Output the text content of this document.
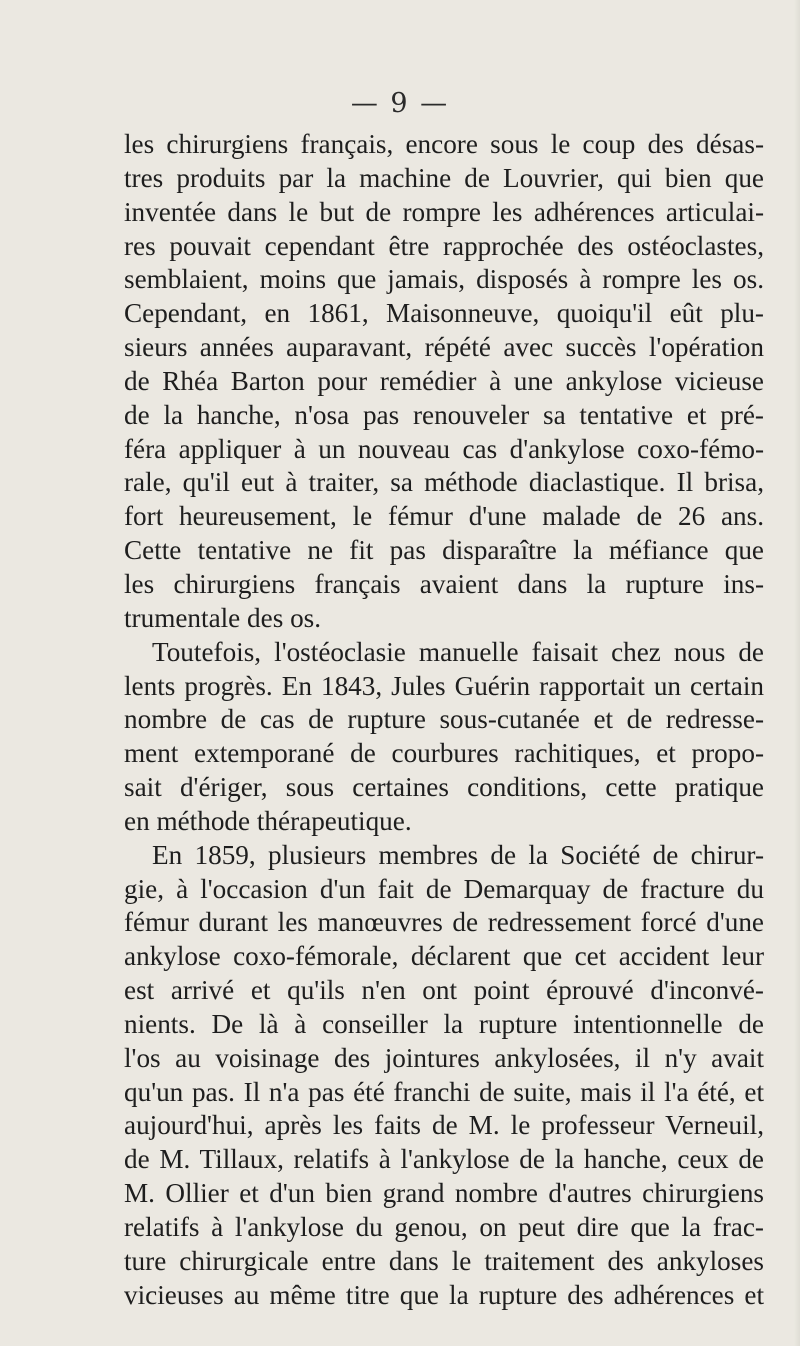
— 9 —
les chirurgiens français, encore sous le coup des désas-
tres produits par la machine de Louvrier, qui bien que
inventée dans le but de rompre les adhérences articulai-
res pouvait cependant être rapprochée des ostéoclastes,
semblaient, moins que jamais, disposés à rompre les os.
Cependant, en 1861, Maisonneuve, quoiqu'il eût plu-
sieurs années auparavant, répété avec succès l'opération
de Rhéa Barton pour remédier à une ankylose vicieuse
de la hanche, n'osa pas renouveler sa tentative et pré-
féra appliquer à un nouveau cas d'ankylose coxo-fémo-
rale, qu'il eut à traiter, sa méthode diaclastique. Il brisa,
fort heureusement, le fémur d'une malade de 26 ans.
Cette tentative ne fit pas disparaître la méfiance que
les chirurgiens français avaient dans la rupture ins-
trumentale des os.
Toutefois, l'ostéoclasie manuelle faisait chez nous de
lents progrès. En 1843, Jules Guérin rapportait un certain
nombre de cas de rupture sous-cutanée et de redresse-
ment extemporané de courbures rachitiques, et propo-
sait d'ériger, sous certaines conditions, cette pratique
en méthode thérapeutique.
En 1859, plusieurs membres de la Société de chirur-
gie, à l'occasion d'un fait de Demarquay de fracture du
fémur durant les manœuvres de redressement forcé d'une
ankylose coxo-fémorale, déclarent que cet accident leur
est arrivé et qu'ils n'en ont point éprouvé d'inconvé-
nients. De là à conseiller la rupture intentionnelle de
l'os au voisinage des jointures ankylosées, il n'y avait
qu'un pas. Il n'a pas été franchi de suite, mais il l'a été, et
aujourd'hui, après les faits de M. le professeur Verneuil,
de M. Tillaux, relatifs à l'ankylose de la hanche, ceux de
M. Ollier et d'un bien grand nombre d'autres chirurgiens
relatifs à l'ankylose du genou, on peut dire que la frac-
ture chirurgicale entre dans le traitement des ankyloses
vicieuses au même titre que la rupture des adhérences et
